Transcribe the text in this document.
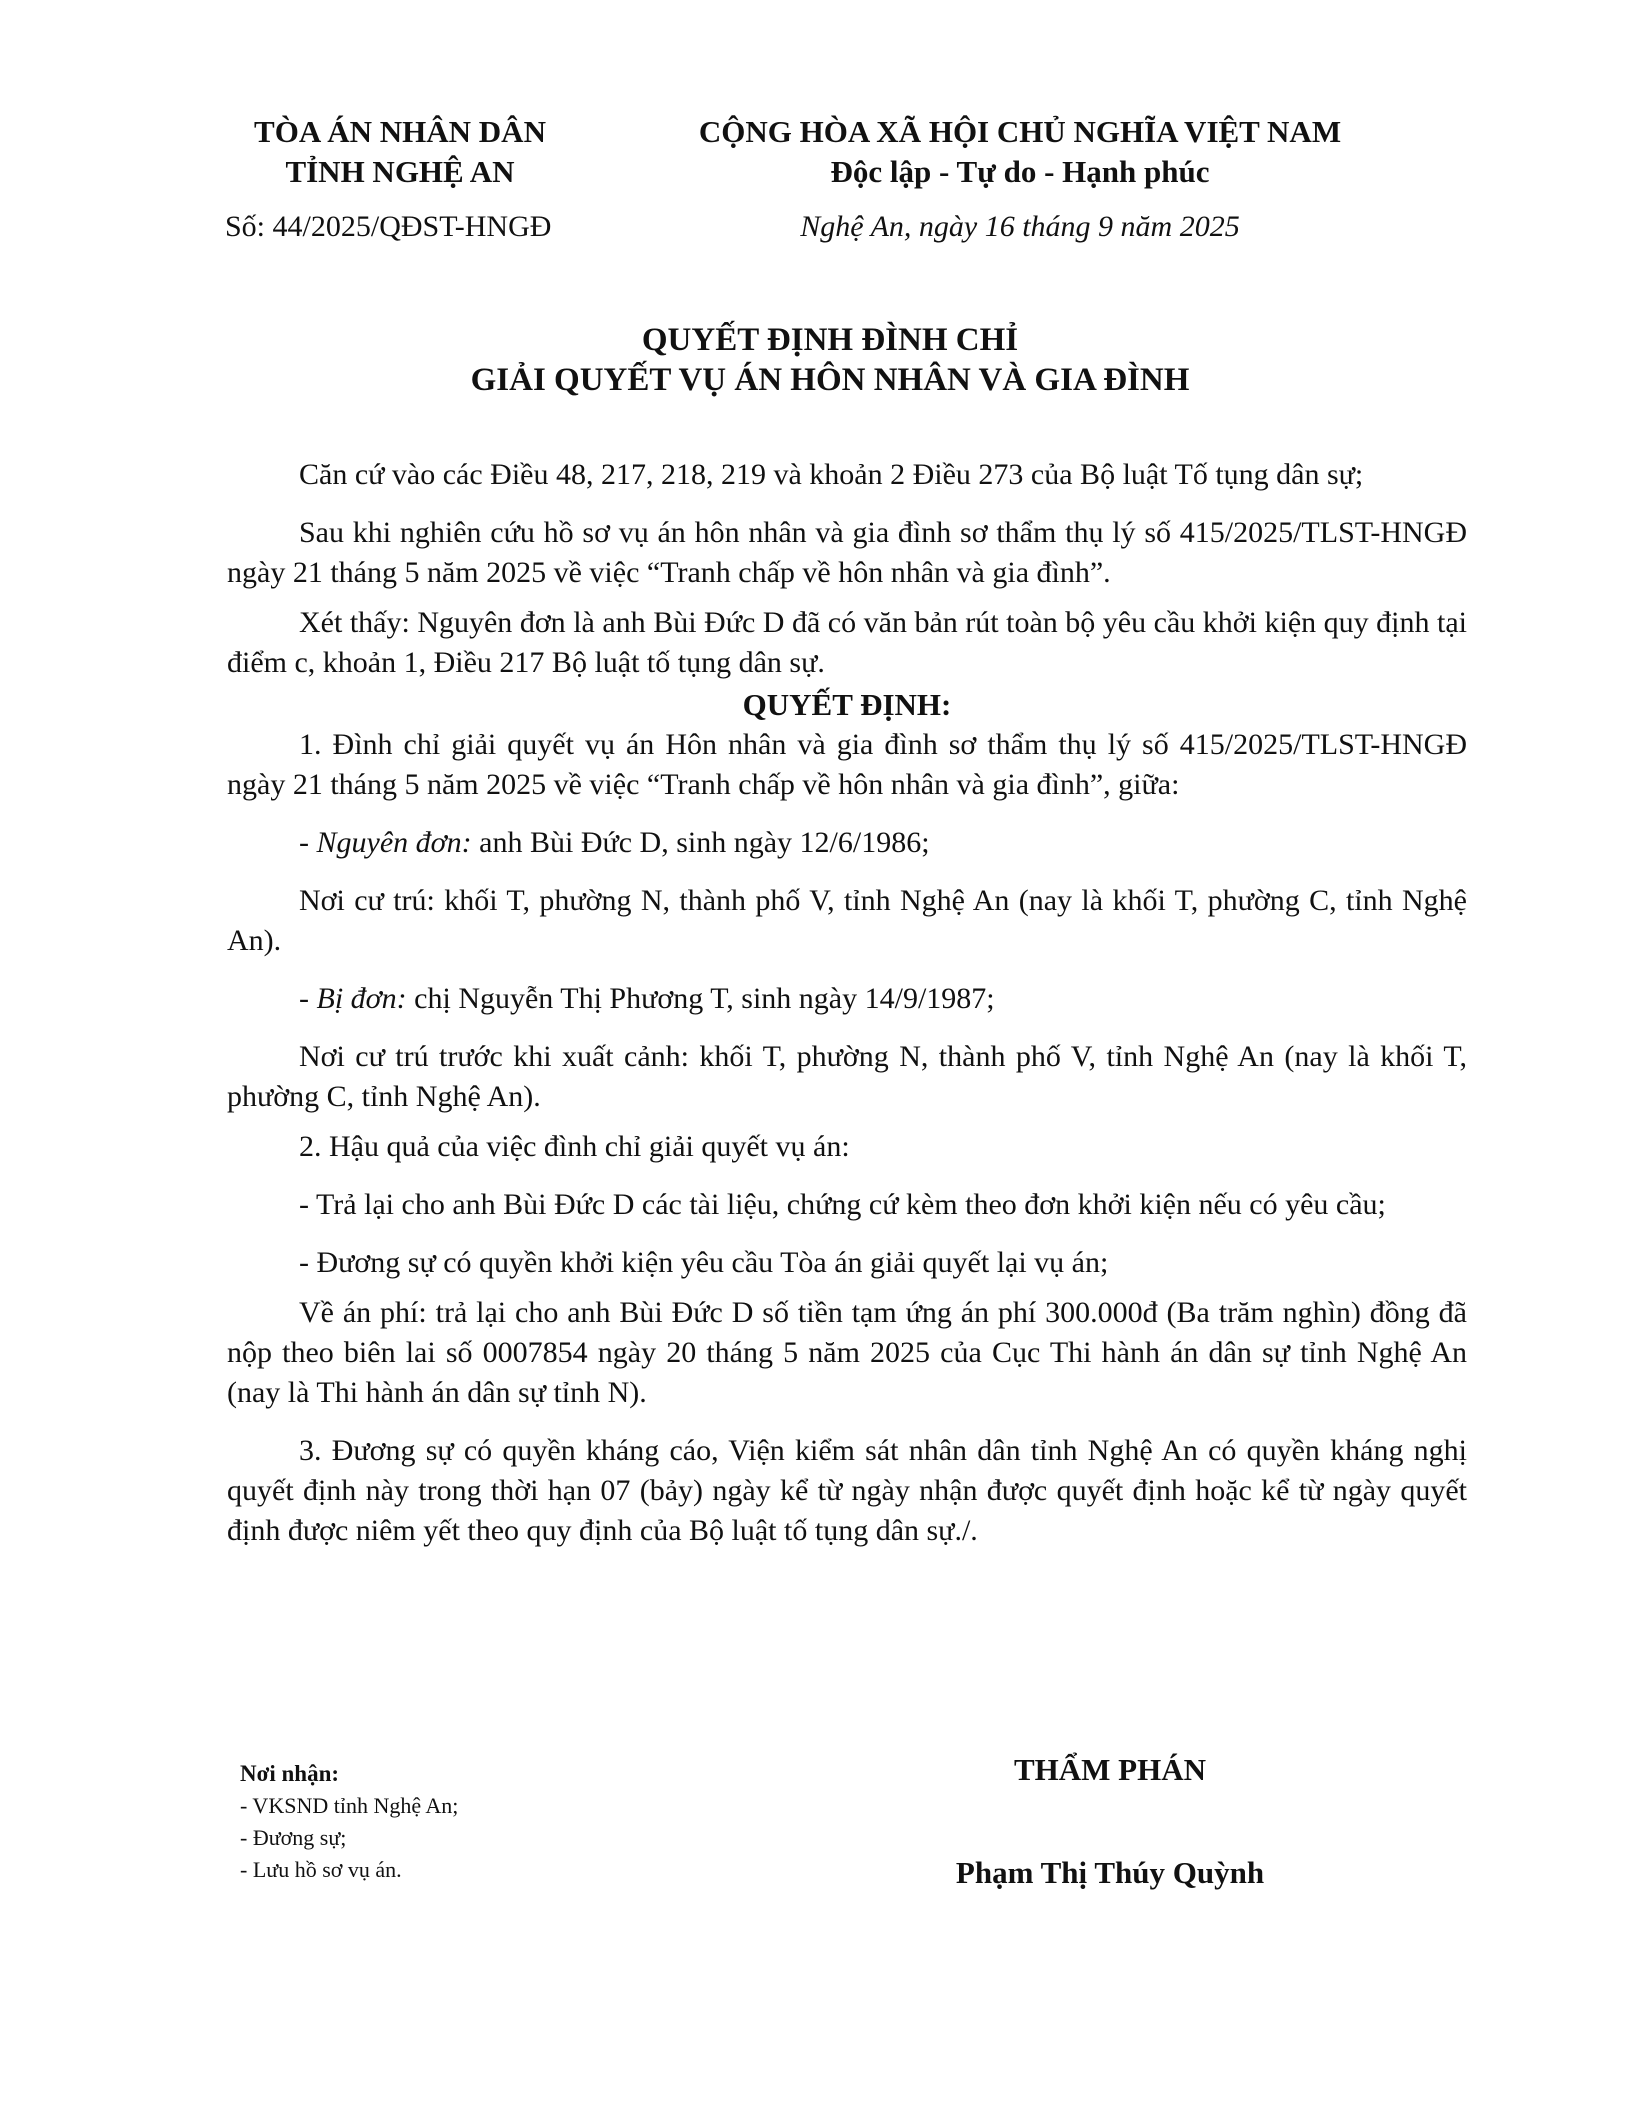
TÒA ÁN NHÂN DÂN
TỈNH NGHỆ AN
CỘNG HÒA XÃ HỘI CHỦ NGHĨA VIỆT NAM
Độc lập - Tự do - Hạnh phúc
Số: 44/2025/QĐST-HNGĐ	Nghệ An, ngày 16 tháng 9 năm 2025
QUYẾT ĐỊNH ĐÌNH CHỈ
GIẢI QUYẾT VỤ ÁN HÔN NHÂN VÀ GIA ĐÌNH

Căn cứ vào các Điều 48, 217, 218, 219 và khoản 2 Điều 273 của Bộ luật Tố tụng dân sự;

Sau khi nghiên cứu hồ sơ vụ án hôn nhân và gia đình sơ thẩm thụ lý số 415/2025/TLST-HNGĐ ngày 21 tháng 5 năm 2025 về việc “Tranh chấp về hôn nhân và gia đình”.

Xét thấy: Nguyên đơn là anh Bùi Đức D đã có văn bản rút toàn bộ yêu cầu khởi kiện quy định tại điểm c, khoản 1, Điều 217 Bộ luật tố tụng dân sự.

QUYẾT ĐỊNH:

1. Đình chỉ giải quyết vụ án Hôn nhân và gia đình sơ thẩm thụ lý số 415/2025/TLST-HNGĐ ngày 21 tháng 5 năm 2025 về việc “Tranh chấp về hôn nhân và gia đình”, giữa:

- Nguyên đơn: anh Bùi Đức D, sinh ngày 12/6/1986;

Nơi cư trú: khối T, phường N, thành phố V, tỉnh Nghệ An (nay là khối T, phường C, tỉnh Nghệ An).

- Bị đơn: chị Nguyễn Thị Phương T, sinh ngày 14/9/1987;

Nơi cư trú trước khi xuất cảnh: khối T, phường N, thành phố V, tỉnh Nghệ An (nay là khối T, phường C, tỉnh Nghệ An).

2. Hậu quả của việc đình chỉ giải quyết vụ án:

- Trả lại cho anh Bùi Đức D các tài liệu, chứng cứ kèm theo đơn khởi kiện nếu có yêu cầu;

- Đương sự có quyền khởi kiện yêu cầu Tòa án giải quyết lại vụ án;

Về án phí: trả lại cho anh Bùi Đức D số tiền tạm ứng án phí 300.000đ (Ba trăm nghìn) đồng đã nộp theo biên lai số 0007854 ngày 20 tháng 5 năm 2025 của Cục Thi hành án dân sự tỉnh Nghệ An (nay là Thi hành án dân sự tỉnh N).

3. Đương sự có quyền kháng cáo, Viện kiểm sát nhân dân tỉnh Nghệ An có quyền kháng nghị quyết định này trong thời hạn 07 (bảy) ngày kể từ ngày nhận được quyết định hoặc kể từ ngày quyết định được niêm yết theo quy định của Bộ luật tố tụng dân sự./.

Nơi nhận:
- VKSND tỉnh Nghệ An;
- Đương sự;
- Lưu hồ sơ vụ án.
THẨM PHÁN
Phạm Thị Thúy Quỳnh
